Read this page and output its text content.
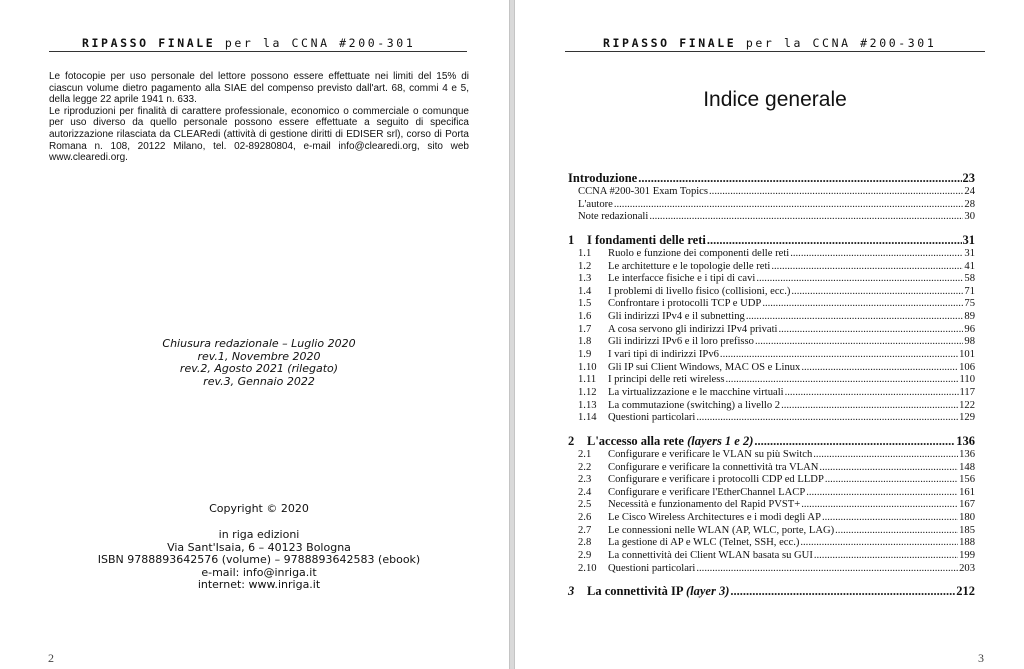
RIPASSO FINALE per la CCNA #200-301

Le fotocopie per uso personale del lettore possono essere effettuate nei limiti del 15% di ciascun volume dietro pagamento alla SIAE del compenso previsto dall'art. 68, commi 4 e 5, della legge 22 aprile 1941 n. 633.

Le riproduzioni per finalità di carattere professionale, economico o commerciale o comunque per uso diverso da quello personale possono essere effettuate a seguito di specifica autorizzazione rilasciata da CLEARedi (attività di gestione diritti di EDISER srl), corso di Porta Romana n. 108, 20122 Milano, tel. 02-89280804, e-mail info@clearedi.org, sito web www.clearedi.org.

Chiusura redazionale – Luglio 2020
rev.1, Novembre 2020
rev.2, Agosto 2021 (rilegato)
rev.3, Gennaio 2022
Copyright © 2020
in riga edizioni
Via Sant'Isaia, 6 – 40123 Bologna
ISBN 9788893642576 (volume) – 9788893642583 (ebook)
e-mail: info@inriga.it
internet: www.inriga.it
2
RIPASSO FINALE per la CCNA #200-301
Indice generale
Introduzione .....	23
CCNA #200-301 Exam Topics .....	24
L'autore .....	28
Note redazionali .....	30
1 I fondamenti delle reti .....	31
1.1 Ruolo e funzione dei componenti delle reti .....	31
1.2 Le architetture e le topologie delle reti .....	41
1.3 Le interfacce fisiche e i tipi di cavi .....	58
1.4 I problemi di livello fisico (collisioni, ecc.) .....	71
1.5 Confrontare i protocolli TCP e UDP .....	75
1.6 Gli indirizzi IPv4 e il subnetting .....	89
1.7 A cosa servono gli indirizzi IPv4 privati .....	96
1.8 Gli indirizzi IPv6 e il loro prefisso .....	98
1.9 I vari tipi di indirizzi IPv6 .....	101
1.10 Gli IP sui Client Windows, MAC OS e Linux .....	106
1.11 I principi delle reti wireless .....	110
1.12 La virtualizzazione e le macchine virtuali .....	117
1.13 La commutazione (switching) a livello 2 .....	122
1.14 Questioni particolari .....	129
2 L'accesso alla rete (layers 1 e 2) .....	136
2.1 Configurare e verificare le VLAN su più Switch .....	136
2.2 Configurare e verificare la connettività tra VLAN .....	148
2.3 Configurare e verificare i protocolli CDP ed LLDP .....	156
2.4 Configurare e verificare l'EtherChannel LACP .....	161
2.5 Necessità e funzionamento del Rapid PVST+ .....	167
2.6 Le Cisco Wireless Architectures e i modi degli AP .....	180
2.7 Le connessioni nelle WLAN (AP, WLC, porte, LAG) .....	185
2.8 La gestione di AP e WLC (Telnet, SSH, ecc.) .....	188
2.9 La connettività dei Client WLAN basata su GUI .....	199
2.10 Questioni particolari .....	203
3 La connettività IP (layer 3) .....	212
3
